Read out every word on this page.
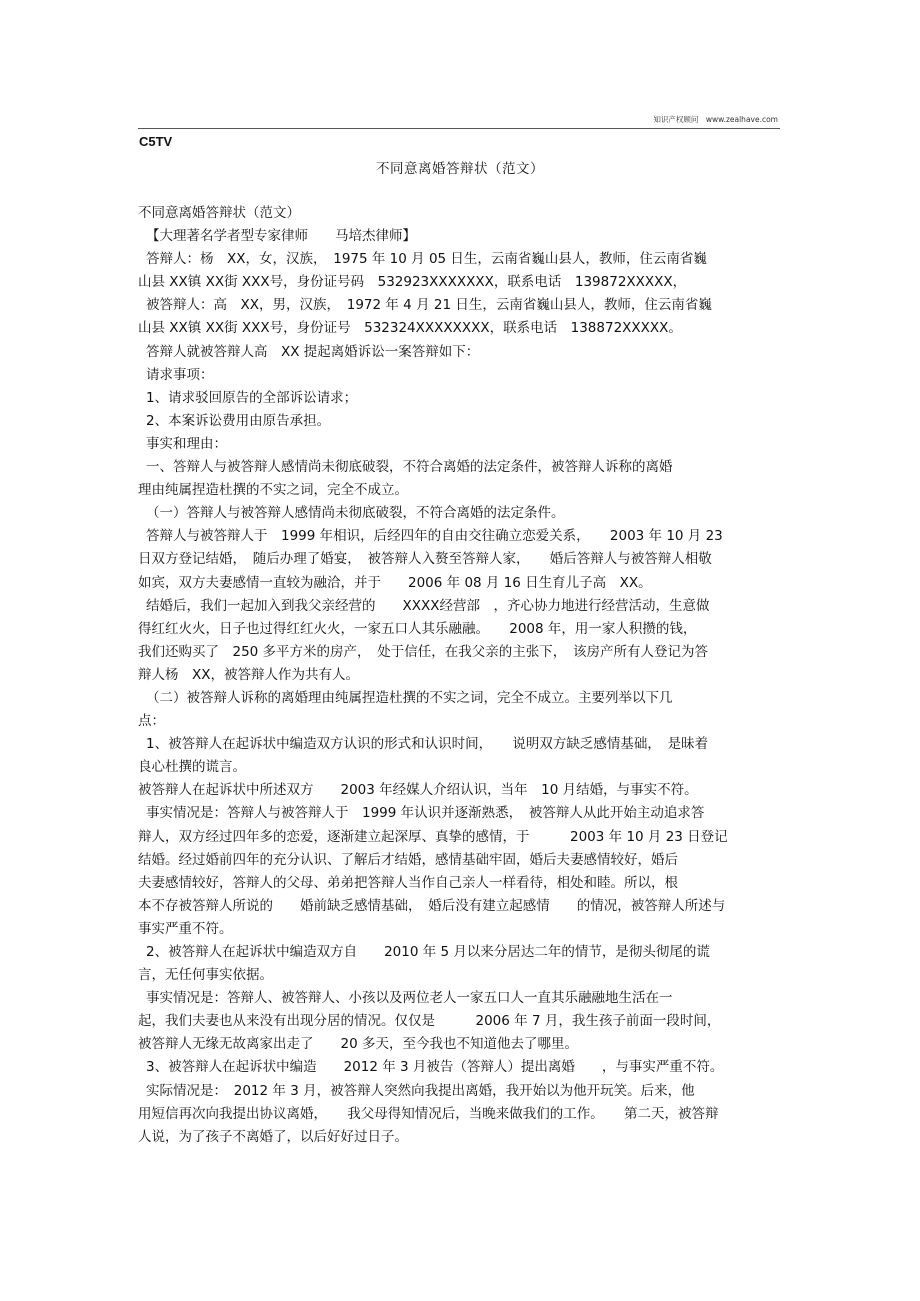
知识产权顾问　www.zealhave.com
C5TV
不同意离婚答辩状（范文）
不同意离婚答辩状（范文）
【大理著名学者型专家律师　　马培杰律师】
答辩人：杨　XX，女，汉族，　1975 年 10 月 05 日生，云南省巍山县人，教师，住云南省巍
山县 XX镇 XX街 XXX号，身份证号码　532923XXXXXXX，联系电话　139872XXXXX，
被答辩人：高　XX，男，汉族，　1972 年 4 月 21 日生，云南省巍山县人，教师，住云南省巍
山县 XX镇 XX街 XXX号，身份证号　532324XXXXXXXX，联系电话　138872XXXXX。
答辩人就被答辩人高　XX 提起离婚诉讼一案答辩如下：
请求事项：
1、请求驳回原告的全部诉讼请求；
2、本案诉讼费用由原告承担。
事实和理由：
一、答辩人与被答辩人感情尚未彻底破裂，不符合离婚的法定条件，被答辩人诉称的离婚
理由纯属捏造杜撰的不实之词，完全不成立。
（一）答辩人与被答辩人感情尚未彻底破裂，不符合离婚的法定条件。
答辩人与被答辩人于　1999 年相识，后经四年的自由交往确立恋爱关系，　　2003 年 10 月 23
日双方登记结婚，　随后办理了婚宴，　被答辩人入赘至答辩人家，　　婚后答辩人与被答辩人相敬
如宾，双方夫妻感情一直较为融洽，并于　　2006 年 08 月 16 日生育儿子高　XX。
结婚后，我们一起加入到我父亲经营的　　XXXX经营部　，齐心协力地进行经营活动，生意做
得红红火火，日子也过得红红火火，一家五口人其乐融融。　　2008 年，用一家人积攒的钱，
我们还购买了　250 多平方米的房产，　处于信任，在我父亲的主张下，　该房产所有人登记为答
辩人杨　XX，被答辩人作为共有人。
（二）被答辩人诉称的离婚理由纯属捏造杜撰的不实之词，完全不成立。主要列举以下几
点：
1、被答辩人在起诉状中编造双方认识的形式和认识时间，　　说明双方缺乏感情基础，　是昧着
良心杜撰的谎言。
被答辩人在起诉状中所述双方　　2003 年经媒人介绍认识，当年　10 月结婚，与事实不符。
事实情况是：答辩人与被答辩人于　1999 年认识并逐渐熟悉，　被答辩人从此开始主动追求答
辩人，双方经过四年多的恋爱，逐渐建立起深厚、真挚的感情，于　　　2003 年 10 月 23 日登记
结婚。经过婚前四年的充分认识、了解后才结婚，感情基础牢固，婚后夫妻感情较好，婚后
夫妻感情较好，答辩人的父母、弟弟把答辩人当作自己亲人一样看待，相处和睦。所以，根
本不存被答辩人所说的　　婚前缺乏感情基础，　婚后没有建立起感情　　的情况，被答辩人所述与
事实严重不符。
2、被答辩人在起诉状中编造双方自　　2010 年 5 月以来分居达二年的情节，是彻头彻尾的谎
言，无任何事实依据。
事实情况是：答辩人、被答辩人、小孩以及两位老人一家五口人一直其乐融融地生活在一
起，我们夫妻也从来没有出现分居的情况。仅仅是　　　2006 年 7 月，我生孩子前面一段时间，
被答辩人无缘无故离家出走了　　20 多天，至今我也不知道他去了哪里。
3、被答辩人在起诉状中编造　　2012 年 3 月被告（答辩人）提出离婚　　，与事实严重不符。
实际情况是：　2012 年 3 月，被答辩人突然向我提出离婚，我开始以为他开玩笑。后来，他
用短信再次向我提出协议离婚，　　我父母得知情况后，当晚来做我们的工作。　　第二天，被答辩
人说，为了孩子不离婚了，以后好好过日子。
